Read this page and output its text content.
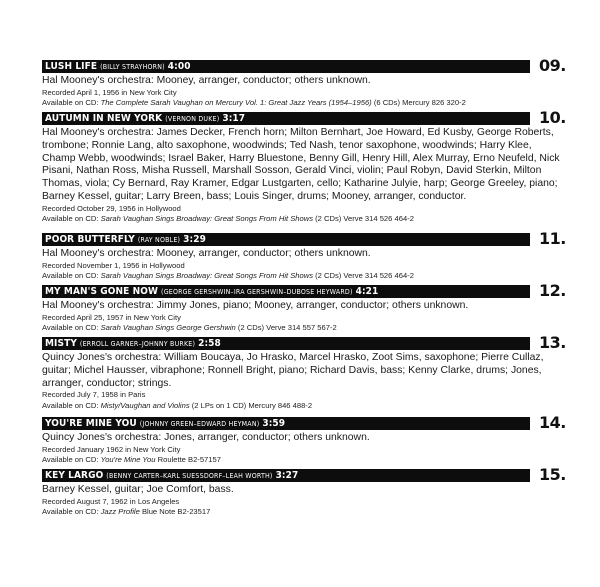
LUSH LIFE (BILLY STRAYHORN) 4:00	09.

Hal Mooney's orchestra: Mooney, arranger, conductor; others unknown.

Recorded April 1, 1956 in New York City

Available on CD: The Complete Sarah Vaughan on Mercury Vol. 1: Great Jazz Years (1954–1956) (6 CDs) Mercury 826 320-2

AUTUMN IN NEW YORK (VERNON DUKE) 3:17	10.

Hal Mooney's orchestra: James Decker, French horn; Milton Bernhart, Joe Howard, Ed Kusby, George Roberts, trombone; Ronnie Lang, alto saxophone, woodwinds; Ted Nash, tenor saxophone, woodwinds; Harry Klee, Champ Webb, woodwinds; Israel Baker, Harry Bluestone, Benny Gill, Henry Hill, Alex Murray, Erno Neufeld, Nick Pisani, Nathan Ross, Misha Russell, Marshall Sosson, Gerald Vinci, violin; Paul Robyn, David Sterkin, Milton Thomas, viola; Cy Bernard, Ray Kramer, Edgar Lustgarten, cello; Katharine Julyie, harp; George Greeley, piano; Barney Kessel, guitar; Larry Breen, bass; Louis Singer, drums; Mooney, arranger, conductor.

Recorded October 29, 1956 in Hollywood

Available on CD: Sarah Vaughan Sings Broadway: Great Songs From Hit Shows (2 CDs) Verve 314 526 464-2

POOR BUTTERFLY (RAY NOBLE) 3:29	11.

Hal Mooney's orchestra: Mooney, arranger, conductor; others unknown.

Recorded November 1, 1956 in Hollywood

Available on CD: Sarah Vaughan Sings Broadway: Great Songs From Hit Shows (2 CDs) Verve 314 526 464-2

MY MAN'S GONE NOW (GEORGE GERSHWIN–IRA GERSHWIN–DUBOSE HEYWARD) 4:21	12.

Hal Mooney's orchestra: Jimmy Jones, piano; Mooney, arranger, conductor; others unknown.

Recorded April 25, 1957 in New York City

Available on CD: Sarah Vaughan Sings George Gershwin (2 CDs) Verve 314 557 567-2

MISTY (ERROLL GARNER–JOHNNY BURKE) 2:58	13.

Quincy Jones's orchestra: William Boucaya, Jo Hrasko, Marcel Hrasko, Zoot Sims, saxophone; Pierre Cullaz, guitar; Michel Hausser, vibraphone; Ronnell Bright, piano; Richard Davis, bass; Kenny Clarke, drums; Jones, arranger, conductor; strings.

Recorded July 7, 1958 in Paris

Available on CD: Misty/Vaughan and Violins (2 LPs on 1 CD) Mercury 846 488-2

YOU'RE MINE YOU (JOHNNY GREEN–EDWARD HEYMAN) 3:59	14.

Quincy Jones's orchestra: Jones, arranger, conductor; others unknown.

Recorded January 1962 in New York City

Available on CD: You're Mine You Roulette B2-57157

KEY LARGO (BENNY CARTER–KARL SUESSDORF–LEAH WORTH) 3:27	15.

Barney Kessel, guitar; Joe Comfort, bass.

Recorded August 7, 1962 in Los Angeles

Available on CD: Jazz Profile Blue Note B2-23517
